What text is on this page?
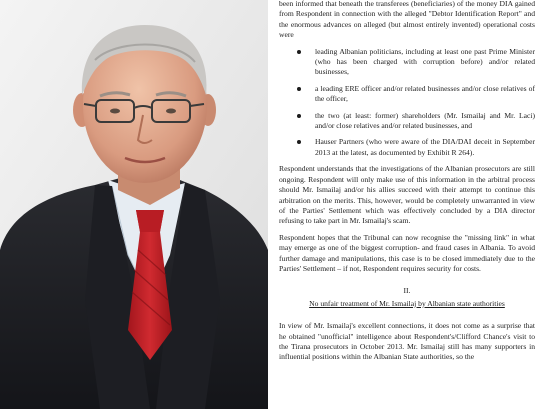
been informed that beneath the transferees (beneficiaries) of the money DIA gained from Respondent in connection with the alleged "Debtor Identification Report" and the enormous advances on alleged (but almost entirely invented) operational costs were

leading Albanian politicians, including at least one past Prime Minister (who has been charged with corruption before) and/or related businesses,
a leading ERE officer and/or related businesses and/or close relatives of the officer,
the two (at least: former) shareholders (Mr. Ismailaj and Mr. Laci) and/or close relatives and/or related businesses, and
Hauser Partners (who were aware of the DIA/DAI deceit in September 2013 at the latest, as documented by Exhibit R 264).

Respondent understands that the investigations of the Albanian prosecutors are still ongoing. Respondent will only make use of this information in the arbitral process should Mr. Ismailaj and/or his allies succeed with their attempt to continue this arbitration on the merits. This, however, would be completely unwarranted in view of the Parties' Settlement which was effectively concluded by a DIA director refusing to take part in Mr. Ismailaj's scam.

Respondent hopes that the Tribunal can now recognise the "missing link" in what may emerge as one of the biggest corruption- and fraud cases in Albania. To avoid further damage and manipulations, this case is to be closed immediately due to the Parties' Settlement – if not, Respondent requires security for costs.

II.
No unfair treatment of Mr. Ismailaj by Albanian state authorities

In view of Mr. Ismailaj's excellent connections, it does not come as a surprise that he obtained "unofficial" intelligence about Respondent's/Clifford Chance's visit to the Tirana prosecutors in October 2013. Mr. Ismailaj still has many supporters in influential positions within the Albanian State authorities, so the
